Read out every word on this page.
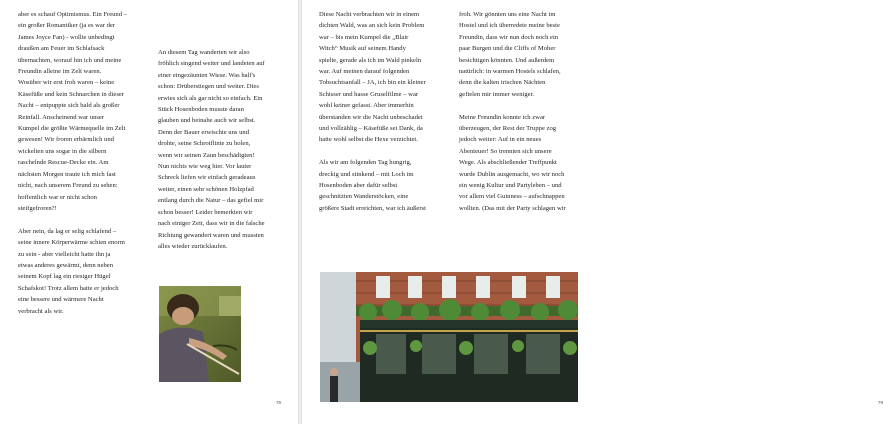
aber es schauf Optimismus. Ein Freund –
ein großer Romantiker (ja es war der
James Joyce Fan) - wollte unbedingt
draußen am Feuer im Schlafsack
übernachten, worauf hin ich und meine
Freundin alleine im Zelt waren.
Wosüber wir erst froh waren – keine
Käsefüße und kein Schnarchen in dieser
Nacht – entpuppte sich bald als großer
Reinfall. Anscheinend war unser
Kumpel die größte Wärmequelle im Zelt
gewesen! Wir froren erbärmlich und
wickelten uns sogar in die silbern
raschelnde Rescue-Decke ein. Am
nächsten Morgen traute ich mich fast
nicht, nach unserem Freund zu sehen:
hoffentlich war er nicht schon
steifgefroren?!

Aber nein, da lag er selig schlafend –
seine innere Körperwärme schien enorm
zu sein - aber vielleicht hatte ihn ja
etwas anderes gewärmt, denn neben
seinem Kopf lag ein riesiger Hügel
Schafskot! Trotz allem hatte er jedoch
eine bessere und wärmere Nacht
verbracht als wir.

An diesem Tag wanderten wir also
fröhlich singend weiter und landeten auf
einer eingezäunten Wiese. Was half's
schon: Drüberstiegen und weiter. Dies
erwies sich als gar nicht so einfach. Ein
Stück Hosenboden musste daran
glauben und beinahe auch wir selbst.
Denn der Bauer erwischte uns und
drohte, seine Schrotflinte zu holen,
wenn wir seinen Zaun beschädigten!
Nun nichts wie weg hier. Vor lauter
Schreck liefen wir einfach geradeaus
weiter, einen sehr schönen Holzpfad
entlang durch die Natur – das gefiel mir
schon besser! Leider bemerkten wir
nach einiger Zeit, dass wir in die falsche
Richtung gewandert waren und mussten
alles wieder zurücklaufen.

78

Diese Nacht verbrachten wir in einem
dichten Wald, was an sich kein Problem
war – bis mein Kumpel die „Blair
Witch“ Musik auf seinem Handy
spielte, gerade als ich im Wald pinkeln
war. Auf meinen darauf folgenden
Tobsuchtsanfall – JA, ich bin ein kleiner
Schisser und hasse Gruselfilme – war
wohl keiner gefasst. Aber immerhin
überstanden wir die Nacht unbeschadet
und vollzählig – Käsefüße sei Dank, da
hatte wohl selbst die Hexe verzichtet.

Als wir am folgenden Tag hungrig,
dreckig und stinkend – mit Loch im
Hosenboden aber dafür selbst
geschnitzten Wanderstöcken, eine
größere Stadt erreichten, war ich äußerst

froh. Wir gönnten uns eine Nacht im
Hostel und ich überredete meine beste
Freundin, dass wir nun doch noch ein
paar Burgen und die Cliffs of Moher
besichtigen könnten. Und außerdem
natürlich: in warmen Hostels schlafen,
denn die kalten irischen Nächten
gefielen mir immer weniger.

Meine Freundin konnte ich zwar
überzeugen, der Rest der Truppe zog
jedoch weiter: Auf in ein neues
Abenteuer! So trennten sich unsere
Wege. Als abschließender Treffpunkt
wurde Dublin ausgemacht, wo wir noch
ein wenig Kultur und Partyleben – und
vor allem viel Guinness – aufschnappen
wollten. (Das mit der Party schlagen wir

79
